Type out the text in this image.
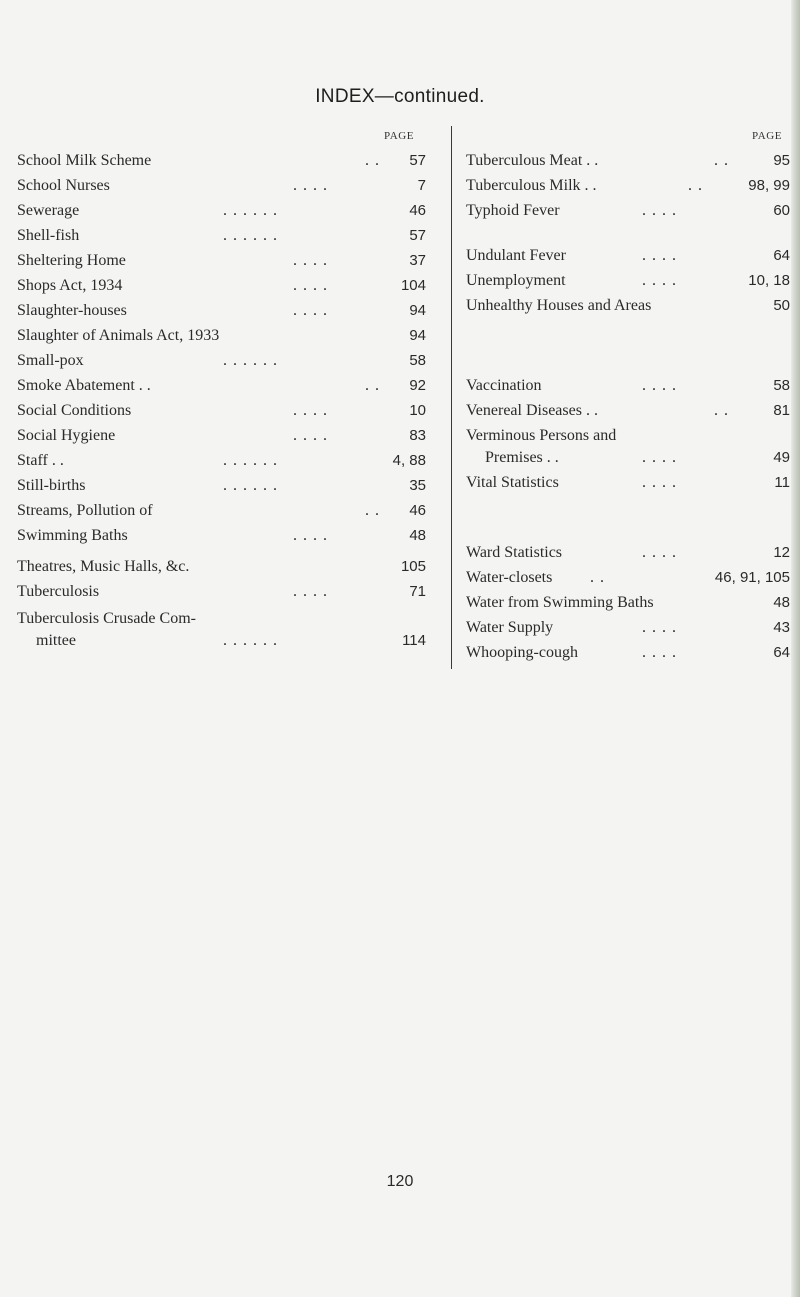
INDEX—continued.
PAGE	PAGE
School Milk Scheme	. . 57
School Nurses	. . . .	7
Sewerage	. . . . . .	46
Shell-fish	. . . . . .	57
Sheltering Home	. . . .	37
Shops Act, 1934	. . . .	104
Slaughter-houses	. . . .	94
Slaughter of Animals Act, 1933	94
Small-pox	. . . . . .	58
Smoke Abatement . .	. . 92
Social Conditions	. . . .	10
Social Hygiene	. . . .	83
Staff . .	. . . . . .	4, 88
Still-births	. . . . . .	35
Streams, Pollution of	. . 46
Swimming Baths	. . . .	48
Theatres, Music Halls, &c.	105
Tuberculosis	. . . .	71
Tuberculosis Crusade Com-
mittee	. . . . . .	114
Tuberculous Meat . .	. .	95
Tuberculous Milk . .	. .	98, 99
Typhoid Fever	. . . .	60
Undulant Fever	. . . .	64
Unemployment	. . . .	10, 18
Unhealthy Houses and Areas	50
Vaccination	. . . .	58
Venereal Diseases . .	. .	81
Verminous Persons and
Premises . .	. . . .	49
Vital Statistics	. . . .	11
Ward Statistics	. . . .	12
Water-closets . .	46, 91, 105
Water from Swimming Baths	48
Water Supply	. . . .	43
Whooping-cough	. . . .	64
120
